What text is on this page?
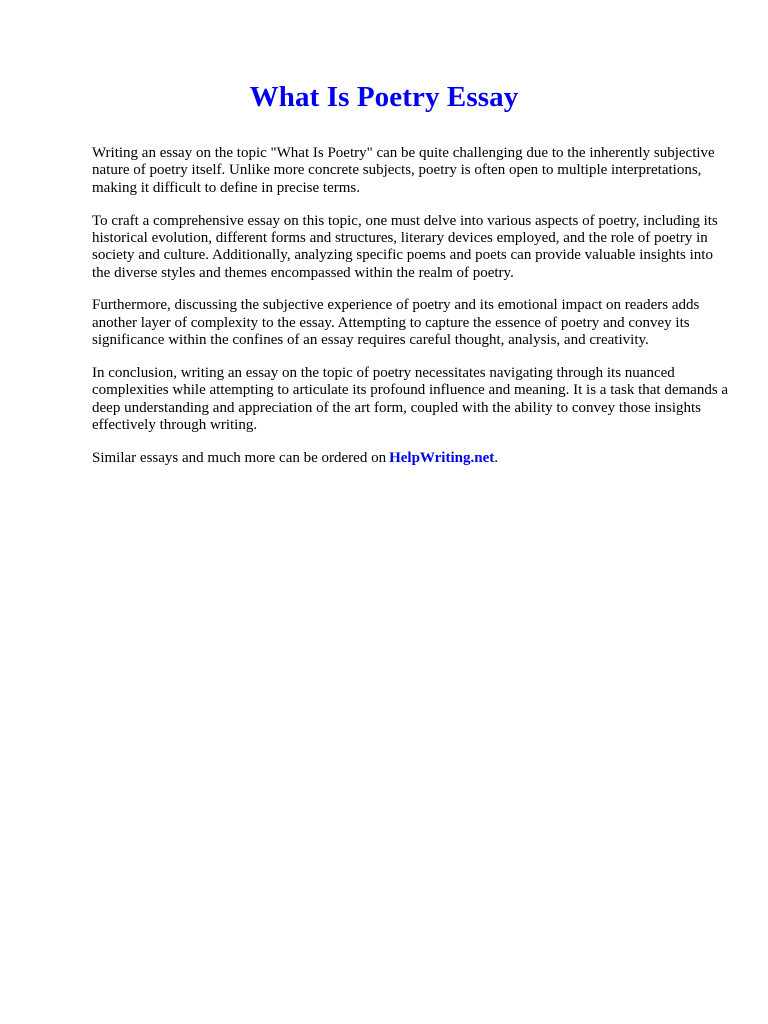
What Is Poetry Essay

Writing an essay on the topic "What Is Poetry" can be quite challenging due to the inherently subjective nature of poetry itself. Unlike more concrete subjects, poetry is often open to multiple interpretations, making it difficult to define in precise terms.

To craft a comprehensive essay on this topic, one must delve into various aspects of poetry, including its historical evolution, different forms and structures, literary devices employed, and the role of poetry in society and culture. Additionally, analyzing specific poems and poets can provide valuable insights into the diverse styles and themes encompassed within the realm of poetry.

Furthermore, discussing the subjective experience of poetry and its emotional impact on readers adds another layer of complexity to the essay. Attempting to capture the essence of poetry and convey its significance within the confines of an essay requires careful thought, analysis, and creativity.

In conclusion, writing an essay on the topic of poetry necessitates navigating through its nuanced complexities while attempting to articulate its profound influence and meaning. It is a task that demands a deep understanding and appreciation of the art form, coupled with the ability to convey those insights effectively through writing.

Similar essays and much more can be ordered on HelpWriting.net.
